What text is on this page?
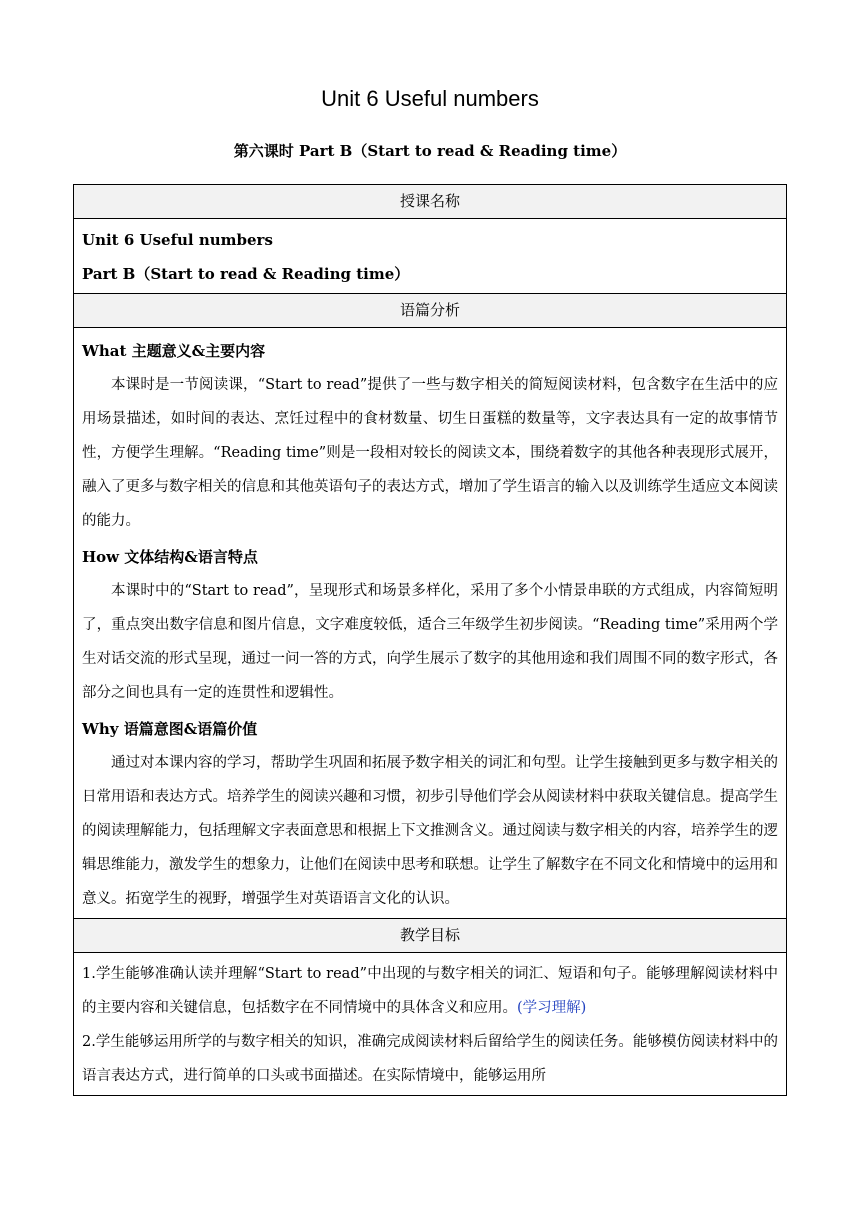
Unit 6 Useful numbers
第六课时 Part B（Start to read & Reading time）
授课名称

Unit 6 Useful numbers
Part B（Start to read & Reading time）

语篇分析

What 主题意义&主要内容

本课时是一节阅读课，“Start to read”提供了一些与数字相关的简短阅读材料，包含数字在生活中的应用场景描述，如时间的表达、烹饪过程中的食材数量、切生日蛋糕的数量等，文字表达具有一定的故事情节性，方便学生理解。“Reading time”则是一段相对较长的阅读文本，围绕着数字的其他各种表现形式展开，融入了更多与数字相关的信息和其他英语句子的表达方式，增加了学生语言的输入以及训练学生适应文本阅读的能力。

How 文体结构&语言特点

本课时中的“Start to read”，呈现形式和场景多样化，采用了多个小情景串联的方式组成，内容简短明了，重点突出数字信息和图片信息，文字难度较低，适合三年级学生初步阅读。“Reading time”采用两个学生对话交流的形式呈现，通过一问一答的方式，向学生展示了数字的其他用途和我们周围不同的数字形式，各部分之间也具有一定的连贯性和逻辑性。

Why 语篇意图&语篇价值

通过对本课内容的学习，帮助学生巩固和拓展予数字相关的词汇和句型。让学生接触到更多与数字相关的日常用语和表达方式。培养学生的阅读兴趣和习惯，初步引导他们学会从阅读材料中获取关键信息。提高学生的阅读理解能力，包括理解文字表面意思和根据上下文推测含义。通过阅读与数字相关的内容，培养学生的逻辑思维能力，激发学生的想象力，让他们在阅读中思考和联想。让学生了解数字在不同文化和情境中的运用和意义。拓宽学生的视野，增强学生对英语语言文化的认识。

教学目标

1.学生能够准确认读并理解“Start to read”中出现的与数字相关的词汇、短语和句子。能够理解阅读材料中的主要内容和关键信息，包括数字在不同情境中的具体含义和应用。(学习理解)

2.学生能够运用所学的与数字相关的知识，准确完成阅读材料后留给学生的阅读任务。能够模仿阅读材料中的语言表达方式，进行简单的口头或书面描述。在实际情境中，能够运用所
